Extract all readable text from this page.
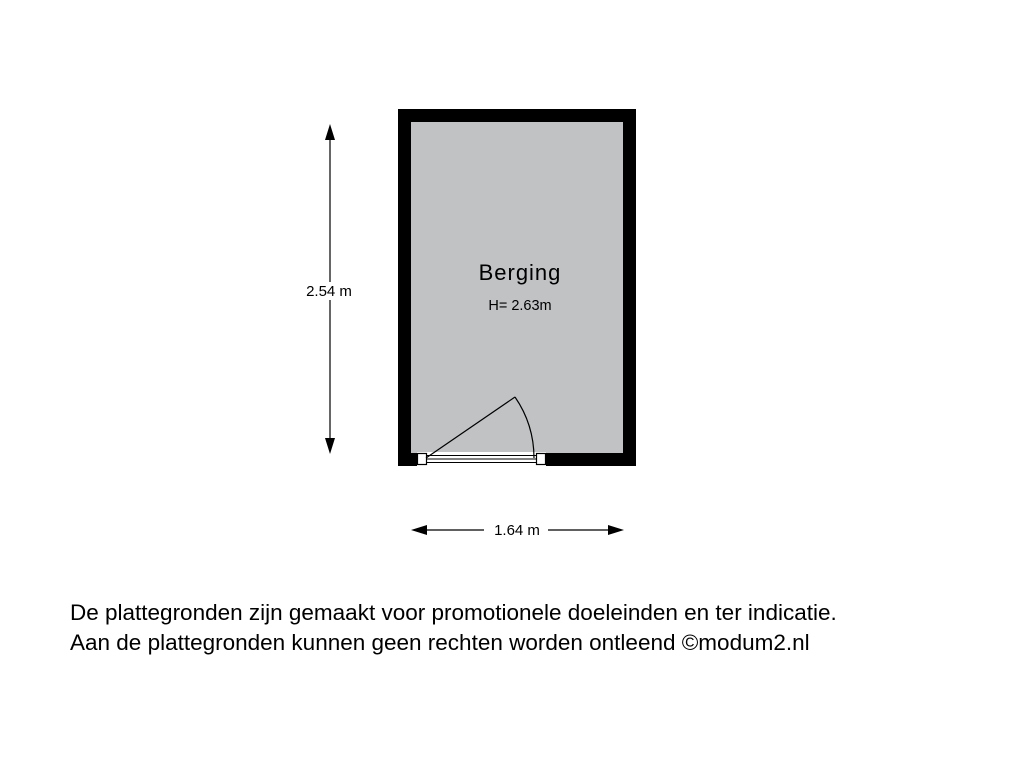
2.54 m
1.64 m
Berging
H= 2.63m
De plattegronden zijn gemaakt voor promotionele doeleinden en ter indicatie.
Aan de plattegronden kunnen geen rechten worden ontleend ©modum2.nl
